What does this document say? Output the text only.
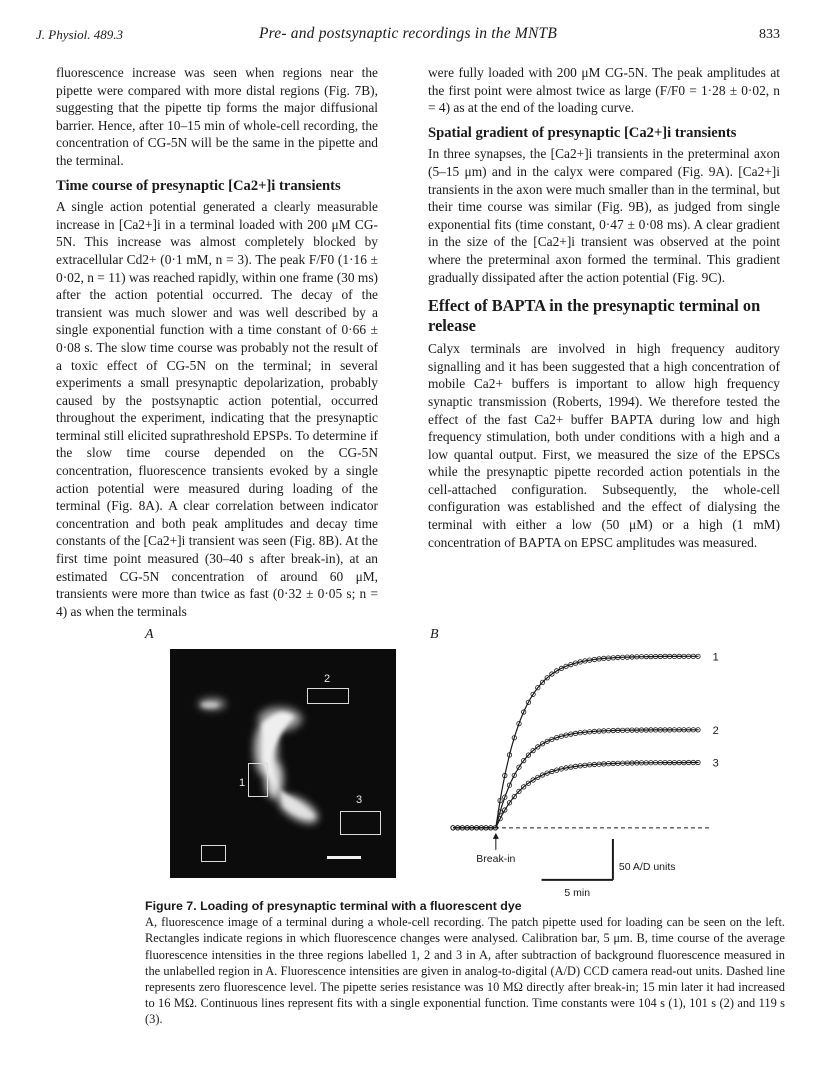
J. Physiol. 489.3	Pre- and postsynaptic recordings in the MNTB	833

fluorescence increase was seen when regions near the pipette were compared with more distal regions (Fig. 7B), suggesting that the pipette tip forms the major diffusional barrier. Hence, after 10–15 min of whole-cell recording, the concentration of CG-5N will be the same in the pipette and the terminal.

Time course of presynaptic [Ca2+]i transients

A single action potential generated a clearly measurable increase in [Ca2+]i in a terminal loaded with 200 μM CG-5N. This increase was almost completely blocked by extracellular Cd2+ (0·1 mM, n = 3). The peak F/F0 (1·16 ± 0·02, n = 11) was reached rapidly, within one frame (30 ms) after the action potential occurred. The decay of the transient was much slower and was well described by a single exponential function with a time constant of 0·66 ± 0·08 s. The slow time course was probably not the result of a toxic effect of CG-5N on the terminal; in several experiments a small presynaptic depolarization, probably caused by the postsynaptic action potential, occurred throughout the experiment, indicating that the presynaptic terminal still elicited suprathreshold EPSPs. To determine if the slow time course depended on the CG-5N concentration, fluorescence transients evoked by a single action potential were measured during loading of the terminal (Fig. 8A). A clear correlation between indicator concentration and both peak amplitudes and decay time constants of the [Ca2+]i transient was seen (Fig. 8B). At the first time point measured (30–40 s after break-in), at an estimated CG-5N concentration of around 60 μM, transients were more than twice as fast (0·32 ± 0·05 s; n = 4) as when the terminals

were fully loaded with 200 μM CG-5N. The peak amplitudes at the first point were almost twice as large (F/F0 = 1·28 ± 0·02, n = 4) as at the end of the loading curve.

Spatial gradient of presynaptic [Ca2+]i transients

In three synapses, the [Ca2+]i transients in the preterminal axon (5–15 μm) and in the calyx were compared (Fig. 9A). [Ca2+]i transients in the axon were much smaller than in the terminal, but their time course was similar (Fig. 9B), as judged from single exponential fits (time constant, 0·47 ± 0·08 ms). A clear gradient in the size of the [Ca2+]i transient was observed at the point where the preterminal axon formed the terminal. This gradient gradually dissipated after the action potential (Fig. 9C).

Effect of BAPTA in the presynaptic terminal on release

Calyx terminals are involved in high frequency auditory signalling and it has been suggested that a high concentration of mobile Ca2+ buffers is important to allow high frequency synaptic transmission (Roberts, 1994). We therefore tested the effect of the fast Ca2+ buffer BAPTA during low and high frequency stimulation, both under conditions with a high and a low quantal output. First, we measured the size of the EPSCs while the presynaptic pipette recorded action potentials in the cell-attached configuration. Subsequently, the whole-cell configuration was established and the effect of dialysing the terminal with either a low (50 μM) or a high (1 mM) concentration of BAPTA on EPSC amplitudes was measured.

A	B
2
1
3
1
2
3
Break-in
50 A/D units
5 min

Figure 7. Loading of presynaptic terminal with a fluorescent dye

A, fluorescence image of a terminal during a whole-cell recording. The patch pipette used for loading can be seen on the left. Rectangles indicate regions in which fluorescence changes were analysed. Calibration bar, 5 μm. B, time course of the average fluorescence intensities in the three regions labelled 1, 2 and 3 in A, after subtraction of background fluorescence measured in the unlabelled region in A. Fluorescence intensities are given in analog-to-digital (A/D) CCD camera read-out units. Dashed line represents zero fluorescence level. The pipette series resistance was 10 MΩ directly after break-in; 15 min later it had increased to 16 MΩ. Continuous lines represent fits with a single exponential function. Time constants were 104 s (1), 101 s (2) and 119 s (3).
